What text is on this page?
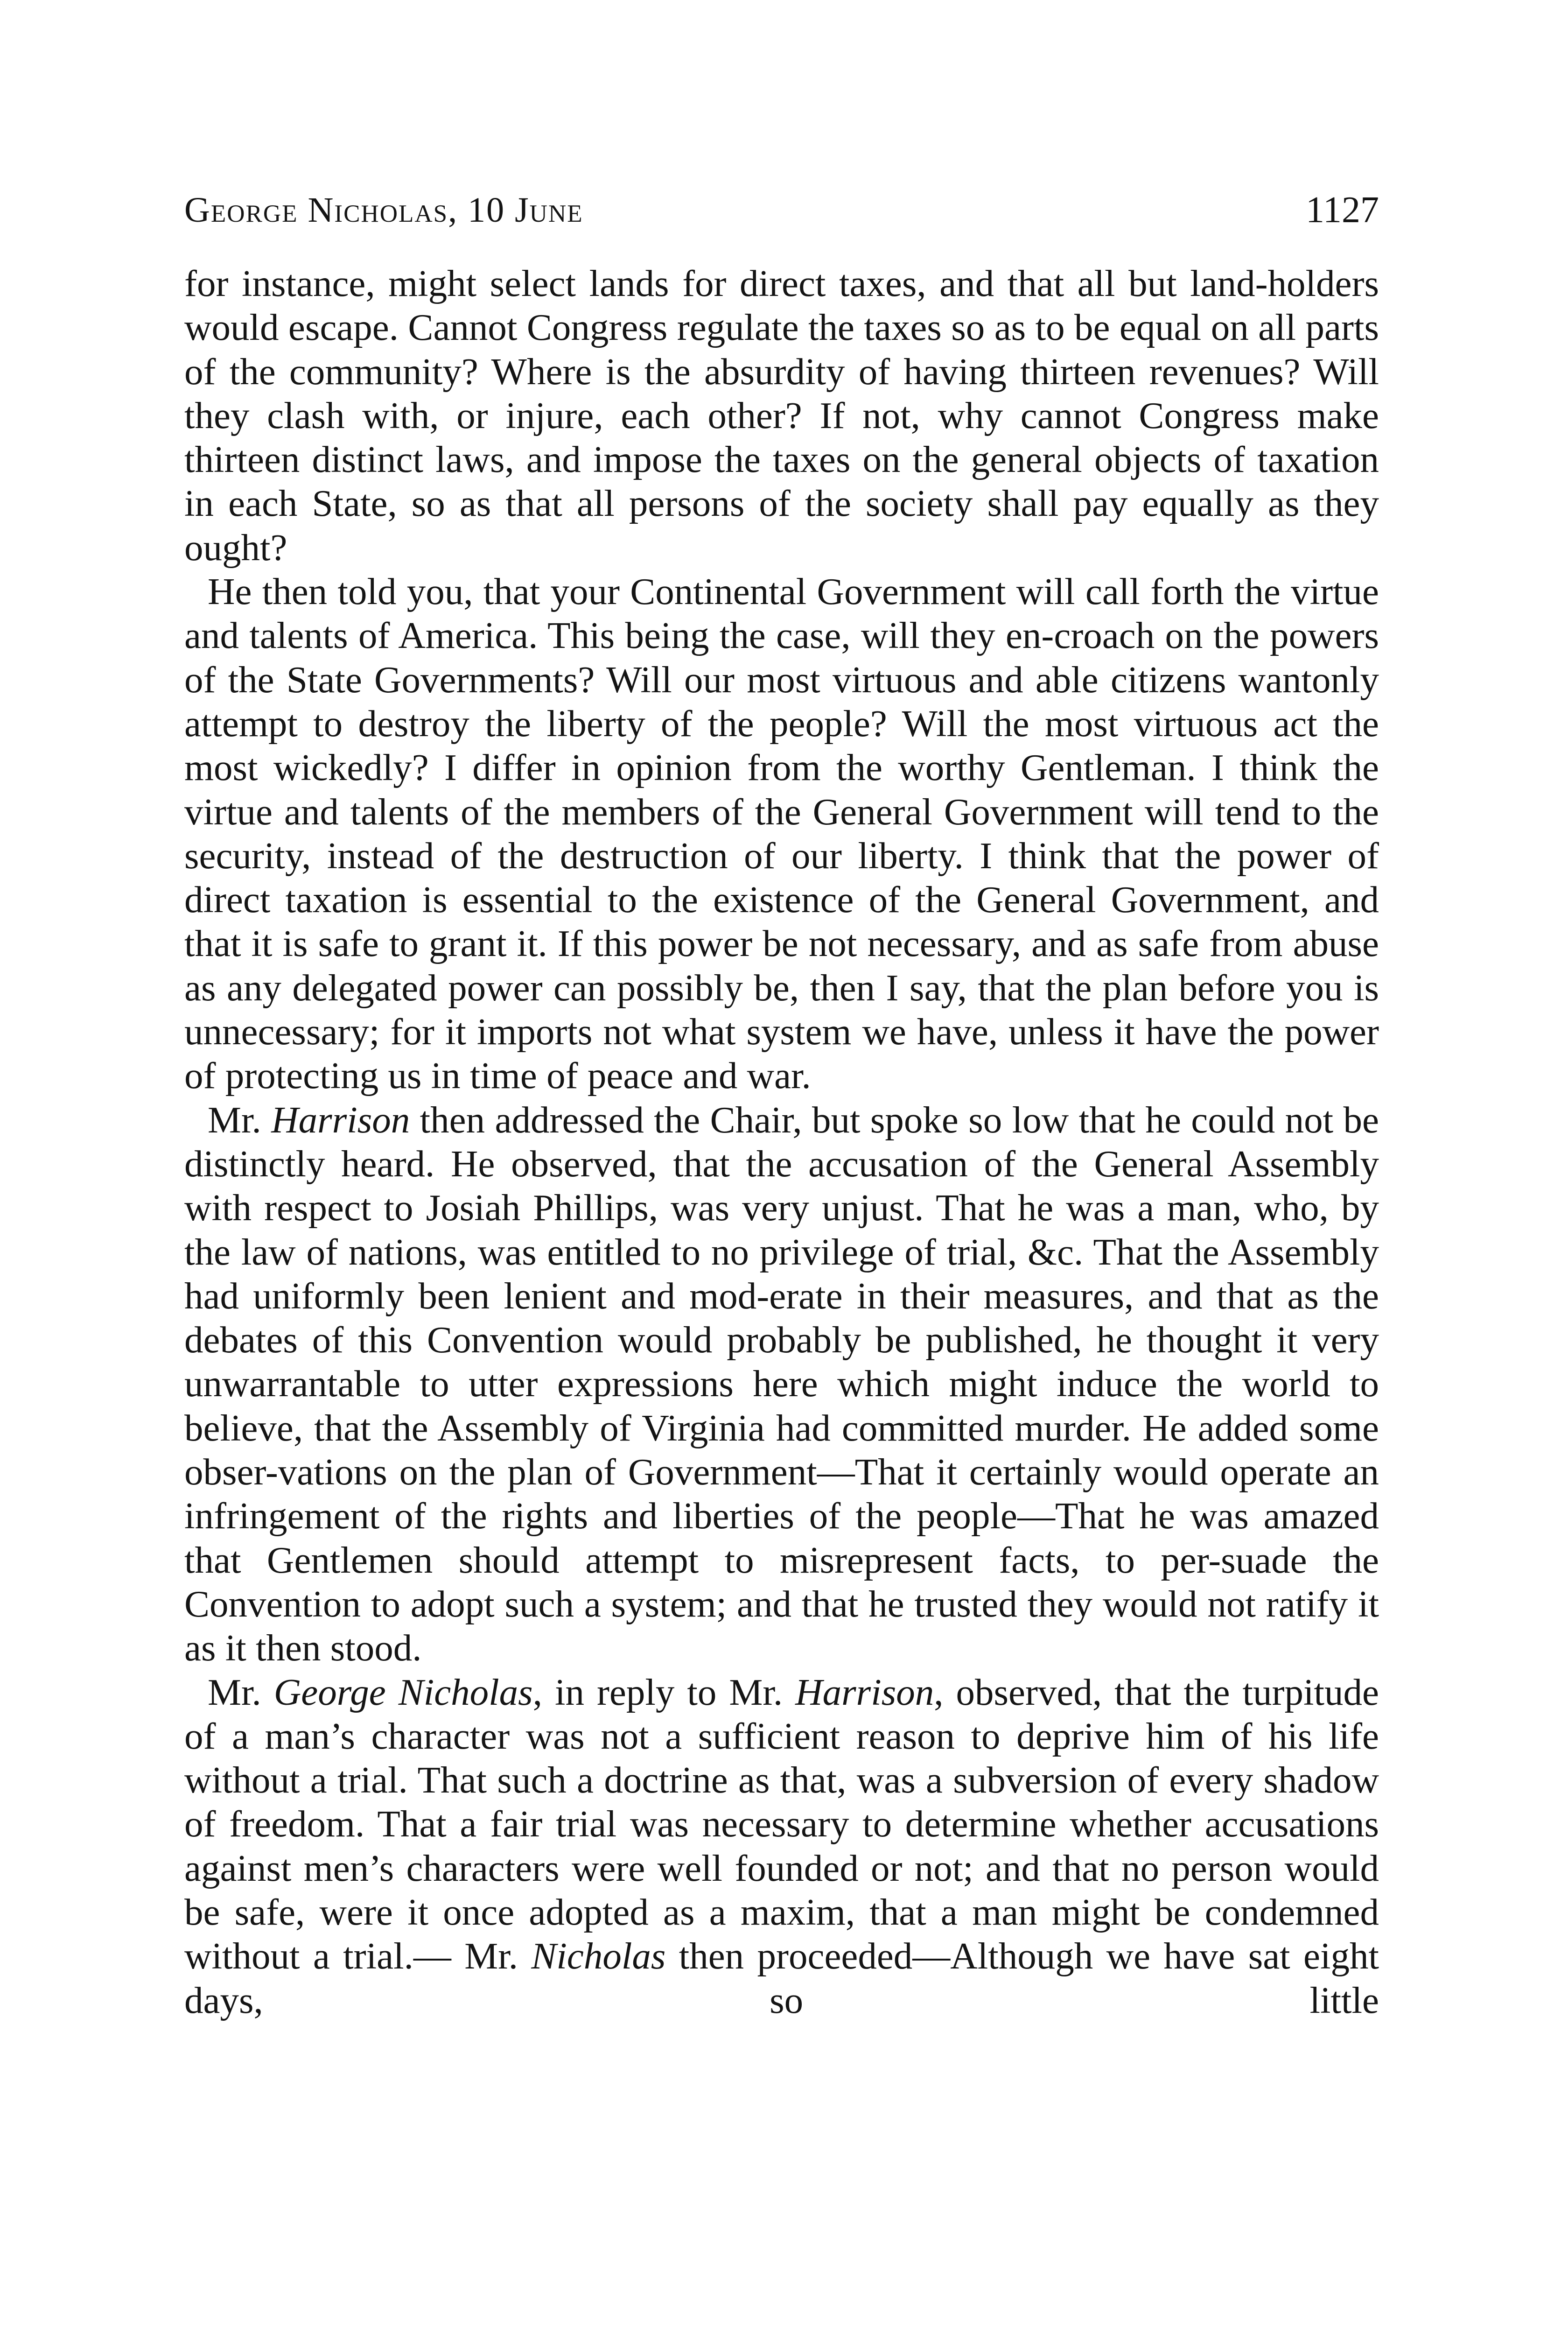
George Nicholas, 10 June	1127

for instance, might select lands for direct taxes, and that all but land-holders would escape. Cannot Congress regulate the taxes so as to be equal on all parts of the community? Where is the absurdity of having thirteen revenues? Will they clash with, or injure, each other? If not, why cannot Congress make thirteen distinct laws, and impose the taxes on the general objects of taxation in each State, so as that all persons of the society shall pay equally as they ought?

He then told you, that your Continental Government will call forth the virtue and talents of America. This being the case, will they en-croach on the powers of the State Governments? Will our most virtuous and able citizens wantonly attempt to destroy the liberty of the people? Will the most virtuous act the most wickedly? I differ in opinion from the worthy Gentleman. I think the virtue and talents of the members of the General Government will tend to the security, instead of the destruction of our liberty. I think that the power of direct taxation is essential to the existence of the General Government, and that it is safe to grant it. If this power be not necessary, and as safe from abuse as any delegated power can possibly be, then I say, that the plan before you is unnecessary; for it imports not what system we have, unless it have the power of protecting us in time of peace and war.

Mr. Harrison then addressed the Chair, but spoke so low that he could not be distinctly heard. He observed, that the accusation of the General Assembly with respect to Josiah Phillips, was very unjust. That he was a man, who, by the law of nations, was entitled to no privilege of trial, &c. That the Assembly had uniformly been lenient and mod-erate in their measures, and that as the debates of this Convention would probably be published, he thought it very unwarrantable to utter expressions here which might induce the world to believe, that the Assembly of Virginia had committed murder. He added some obser-vations on the plan of Government—That it certainly would operate an infringement of the rights and liberties of the people—That he was amazed that Gentlemen should attempt to misrepresent facts, to per-suade the Convention to adopt such a system; and that he trusted they would not ratify it as it then stood.

Mr. George Nicholas, in reply to Mr. Harrison, observed, that the turpitude of a man’s character was not a sufficient reason to deprive him of his life without a trial. That such a doctrine as that, was a subversion of every shadow of freedom. That a fair trial was necessary to determine whether accusations against men’s characters were well founded or not; and that no person would be safe, were it once adopted as a maxim, that a man might be condemned without a trial.— Mr. Nicholas then proceeded—Although we have sat eight days, so little
